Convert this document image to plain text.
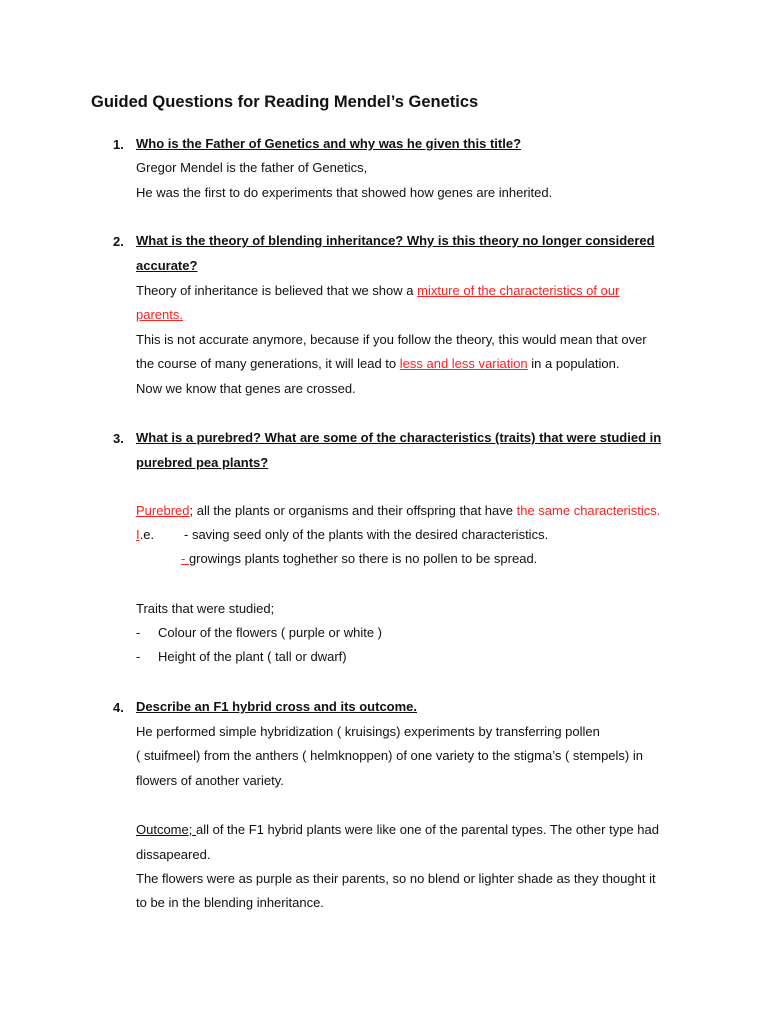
Guided Questions for Reading Mendel’s Genetics
1. Who is the Father of Genetics and why was he given this title?
Gregor Mendel is the father of Genetics,
He was the first to do experiments that showed how genes are inherited.
2. What is the theory of blending inheritance? Why is this theory no longer considered
accurate?
Theory of inheritance is believed that we show a mixture of the characteristics of our
parents.
This is not accurate anymore, because if you follow the theory, this would mean that over
the course of many generations, it will lead to less and less variation in a population.
Now we know that genes are crossed.
3. What is a purebred? What are some of the characteristics (traits) that were studied in
purebred pea plants?
Purebred; all the plants or organisms and their offspring that have the same characteristics.
I.e. - saving seed only of the plants with the desired characteristics.
- growings plants toghether so there is no pollen to be spread.
Traits that were studied;
- Colour of the flowers ( purple or white )
- Height of the plant ( tall or dwarf)
4. Describe an F1 hybrid cross and its outcome.
He performed simple hybridization ( kruisings) experiments by transferring pollen
( stuifmeel) from the anthers ( helmknoppen) of one variety to the stigma’s ( stempels) in
flowers of another variety.
Outcome; all of the F1 hybrid plants were like one of the parental types. The other type had
dissapeared.
The flowers were as purple as their parents, so no blend or lighter shade as they thought it
to be in the blending inheritance.
